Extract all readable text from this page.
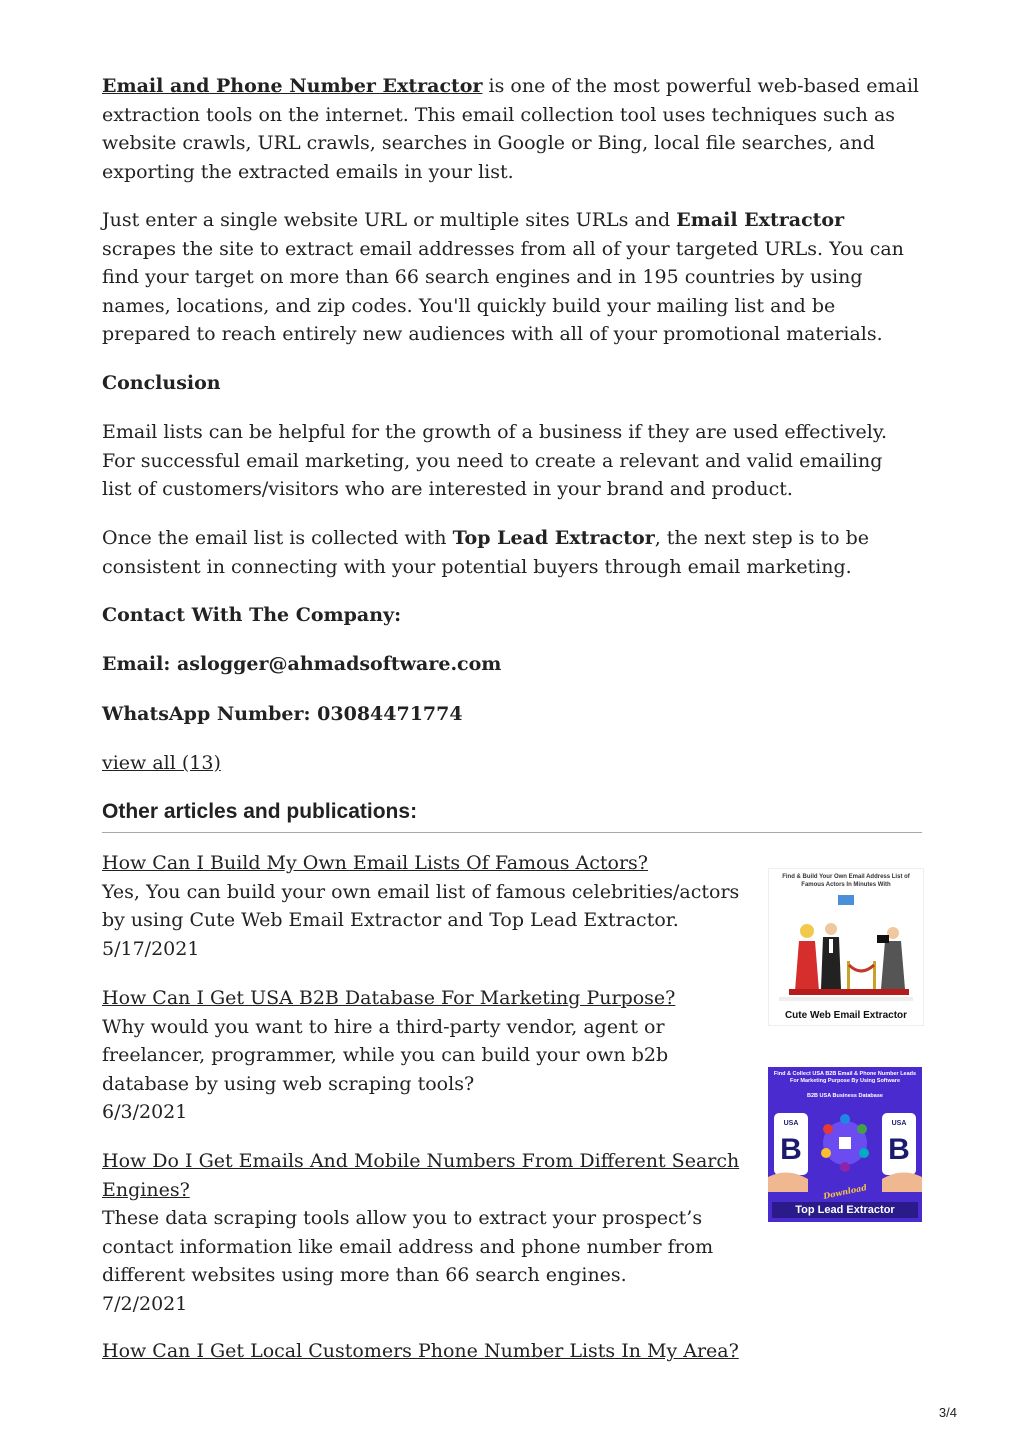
Email and Phone Number Extractor is one of the most powerful web-based email extraction tools on the internet. This email collection tool uses techniques such as website crawls, URL crawls, searches in Google or Bing, local file searches, and exporting the extracted emails in your list.

Just enter a single website URL or multiple sites URLs and Email Extractor scrapes the site to extract email addresses from all of your targeted URLs. You can find your target on more than 66 search engines and in 195 countries by using names, locations, and zip codes. You'll quickly build your mailing list and be prepared to reach entirely new audiences with all of your promotional materials.

Conclusion

Email lists can be helpful for the growth of a business if they are used effectively. For successful email marketing, you need to create a relevant and valid emailing list of customers/visitors who are interested in your brand and product.

Once the email list is collected with Top Lead Extractor, the next step is to be consistent in connecting with your potential buyers through email marketing.

Contact With The Company:

Email: aslogger@ahmadsoftware.com

WhatsApp Number: 03084471774

view all (13)

Other articles and publications:
How Can I Build My Own Email Lists Of Famous Actors?
Yes, You can build your own email list of famous celebrities/actors by using Cute Web Email Extractor and Top Lead Extractor.
5/17/2021
How Can I Get USA B2B Database For Marketing Purpose?
Why would you want to hire a third-party vendor, agent or freelancer, programmer, while you can build your own b2b database by using web scraping tools?
6/3/2021
How Do I Get Emails And Mobile Numbers From Different Search Engines?
These data scraping tools allow you to extract your prospect’s contact information like email address and phone number from different websites using more than 66 search engines.
7/2/2021
How Can I Get Local Customers Phone Number Lists In My Area?
Find & Build Your Own Email Address List of Famous Actors In Minutes With
Cute Web Email Extractor
Find & Collect USA B2B Email & Phone Number Leads For Marketing Purpose By Using Software
B2B USA Business Database
USA
B
USA
B
Download
Top Lead Extractor
3/4
